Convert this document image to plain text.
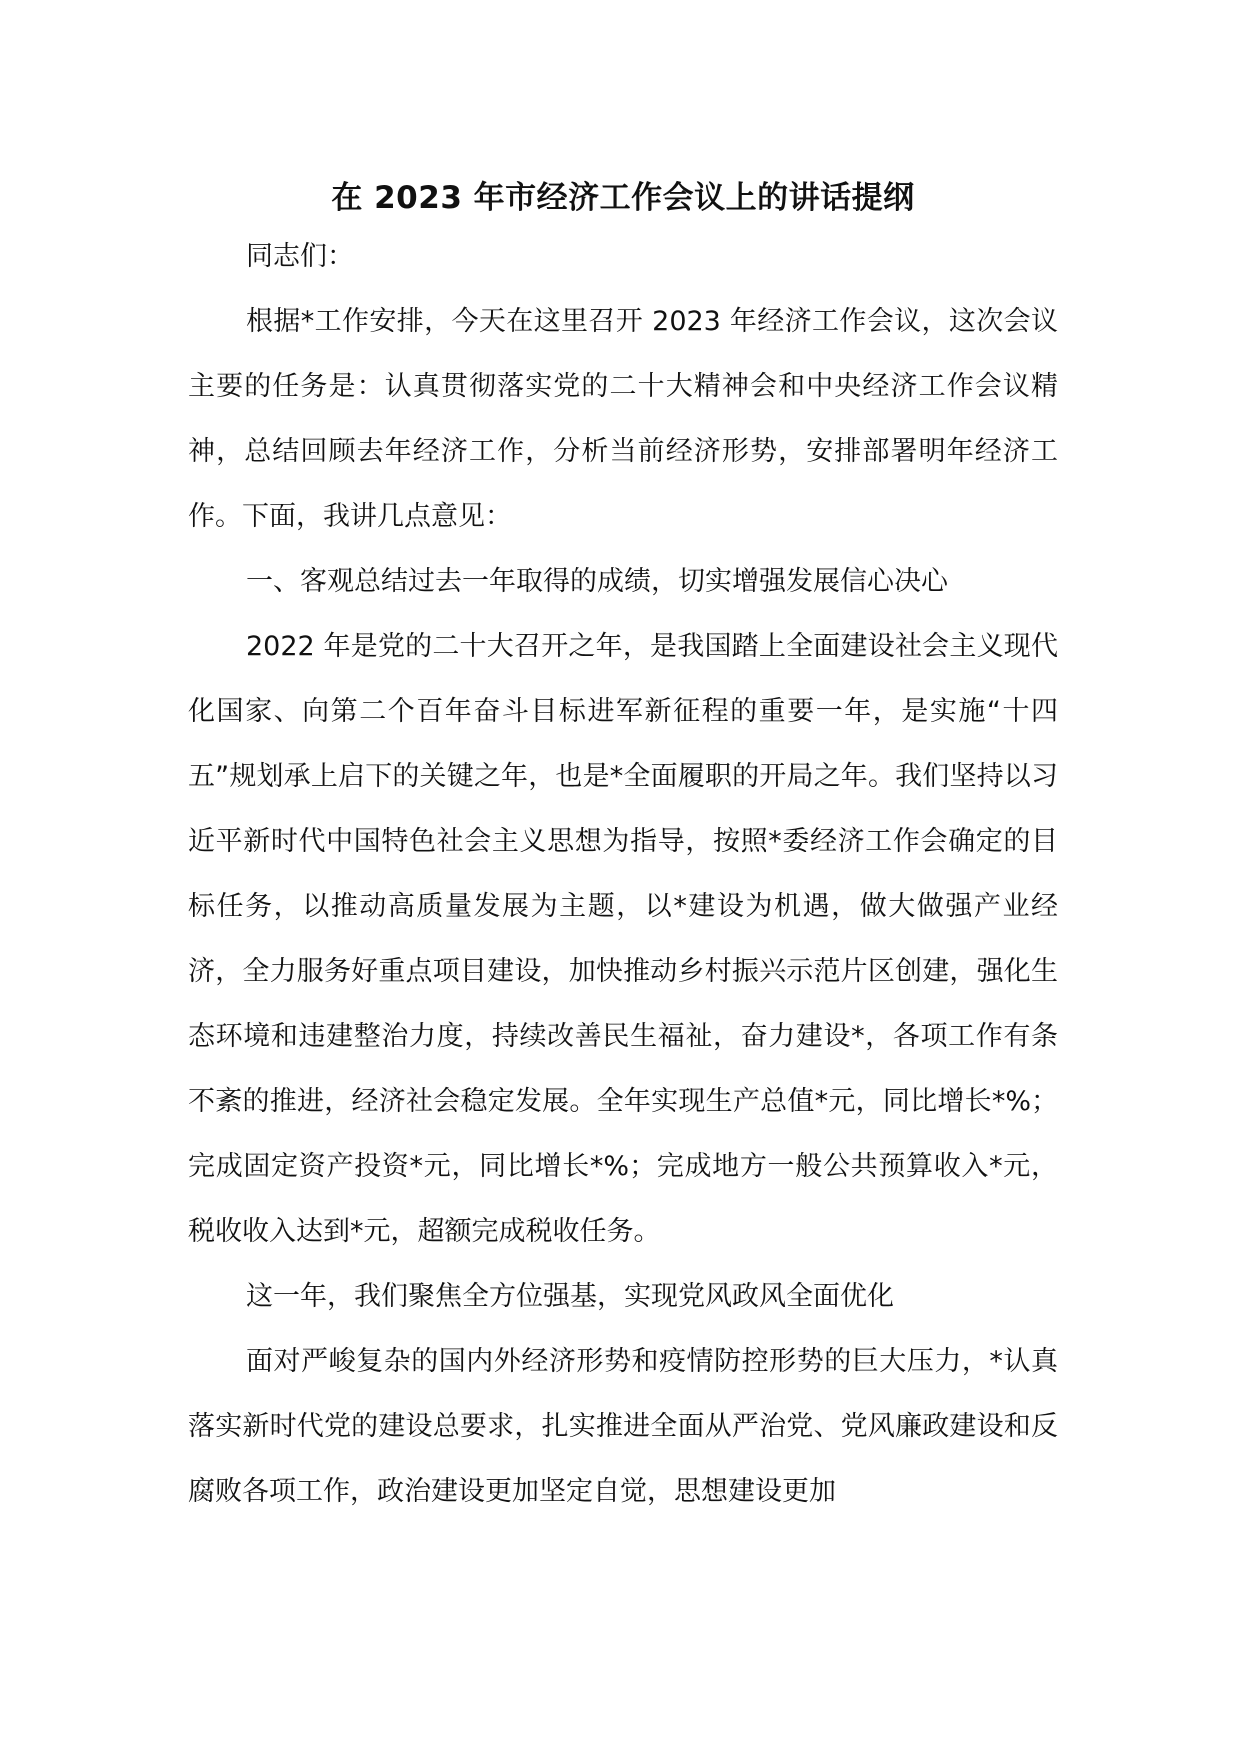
在 2023 年市经济工作会议上的讲话提纲

同志们：

根据*工作安排，今天在这里召开 2023 年经济工作会议，这次会议主要的任务是：认真贯彻落实党的二十大精神会和中央经济工作会议精神，总结回顾去年经济工作，分析当前经济形势，安排部署明年经济工作。下面，我讲几点意见：

一、客观总结过去一年取得的成绩，切实增强发展信心决心

2022 年是党的二十大召开之年，是我国踏上全面建设社会主义现代化国家、向第二个百年奋斗目标进军新征程的重要一年，是实施“十四五”规划承上启下的关键之年，也是*全面履职的开局之年。我们坚持以习近平新时代中国特色社会主义思想为指导，按照*委经济工作会确定的目标任务，以推动高质量发展为主题，以*建设为机遇，做大做强产业经济，全力服务好重点项目建设，加快推动乡村振兴示范片区创建，强化生态环境和违建整治力度，持续改善民生福祉，奋力建设*，各项工作有条不紊的推进，经济社会稳定发展。全年实现生产总值*元，同比增长*%；完成固定资产投资*元，同比增长*%；完成地方一般公共预算收入*元，税收收入达到*元，超额完成税收任务。

这一年，我们聚焦全方位强基，实现党风政风全面优化

面对严峻复杂的国内外经济形势和疫情防控形势的巨大压力，*认真落实新时代党的建设总要求，扎实推进全面从严治党、党风廉政建设和反腐败各项工作，政治建设更加坚定自觉，思想建设更加
